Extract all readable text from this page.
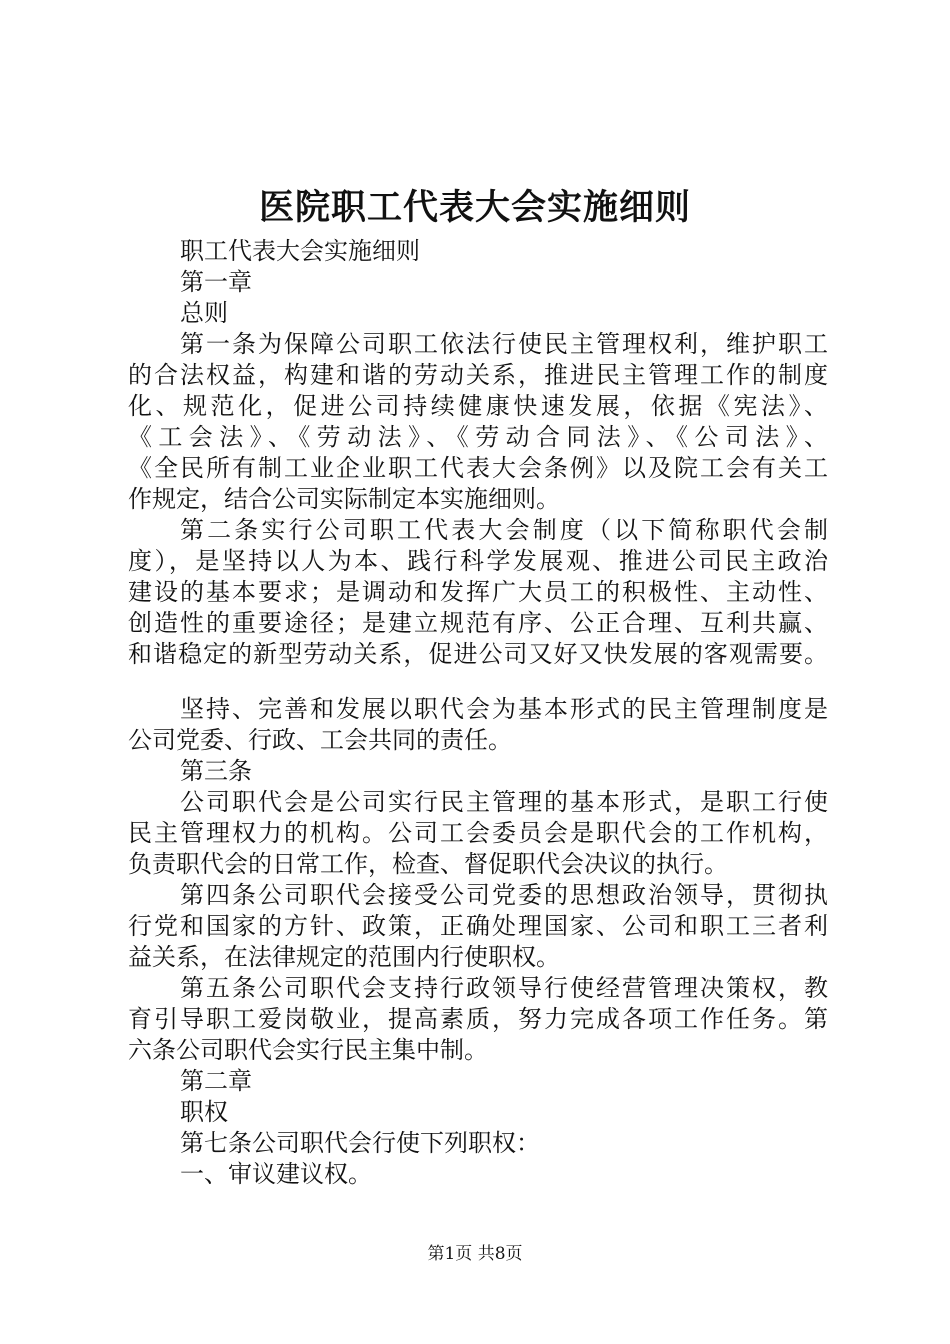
医院职工代表大会实施细则

职工代表大会实施细则

第一章

总则

第一条为保障公司职工依法行使民主管理权利，维护职工

的合法权益，构建和谐的劳动关系，推进民主管理工作的制度

化、规范化，促进公司持续健康快速发展，依据《宪法》、

《工会法》、《劳动法》、《劳动合同法》、《公司法》、

《全民所有制工业企业职工代表大会条例》以及院工会有关工

作规定，结合公司实际制定本实施细则。

第二条实行公司职工代表大会制度（以下简称职代会制

度），是坚持以人为本、践行科学发展观、推进公司民主政治

建设的基本要求；是调动和发挥广大员工的积极性、主动性、

创造性的重要途径；是建立规范有序、公正合理、互利共赢、

和谐稳定的新型劳动关系，促进公司又好又快发展的客观需要。

坚持、完善和发展以职代会为基本形式的民主管理制度是

公司党委、行政、工会共同的责任。

第三条

公司职代会是公司实行民主管理的基本形式，是职工行使

民主管理权力的机构。公司工会委员会是职代会的工作机构，

负责职代会的日常工作，检查、督促职代会决议的执行。

第四条公司职代会接受公司党委的思想政治领导，贯彻执

行党和国家的方针、政策，正确处理国家、公司和职工三者利

益关系，在法律规定的范围内行使职权。

第五条公司职代会支持行政领导行使经营管理决策权，教

育引导职工爱岗敬业，提高素质，努力完成各项工作任务。第

六条公司职代会实行民主集中制。

第二章

职权

第七条公司职代会行使下列职权：

一、审议建议权。

第1页 共8页
